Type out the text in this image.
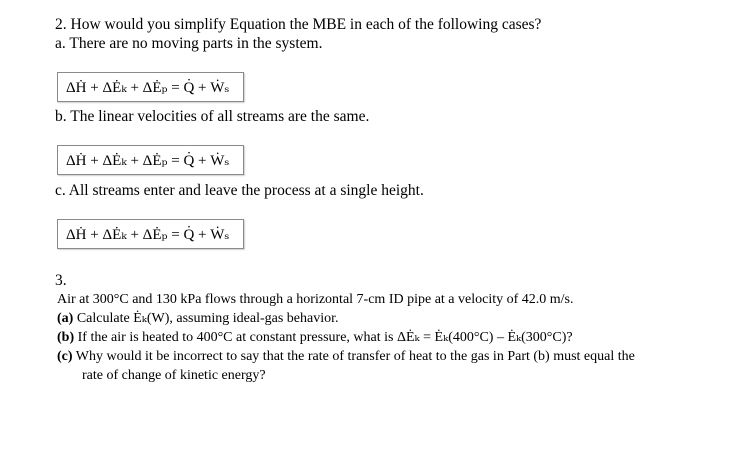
2. How would you simplify Equation the MBE in each of the following cases?
a. There are no moving parts in the system.
ΔḢ + ΔĖₖ + ΔĖₚ = Q̇ + Ẇₛ
b. The linear velocities of all streams are the same.
ΔḢ + ΔĖₖ + ΔĖₚ = Q̇ + Ẇₛ
c. All streams enter and leave the process at a single height.
ΔḢ + ΔĖₖ + ΔĖₚ = Q̇ + Ẇₛ
3.
Air at 300°C and 130 kPa flows through a horizontal 7-cm ID pipe at a velocity of 42.0 m/s.
(a) Calculate Ėₖ(W), assuming ideal-gas behavior.
(b) If the air is heated to 400°C at constant pressure, what is ΔĖₖ = Ėₖ(400°C) – Ėₖ(300°C)?
(c) Why would it be incorrect to say that the rate of transfer of heat to the gas in Part (b) must equal the
rate of change of kinetic energy?
